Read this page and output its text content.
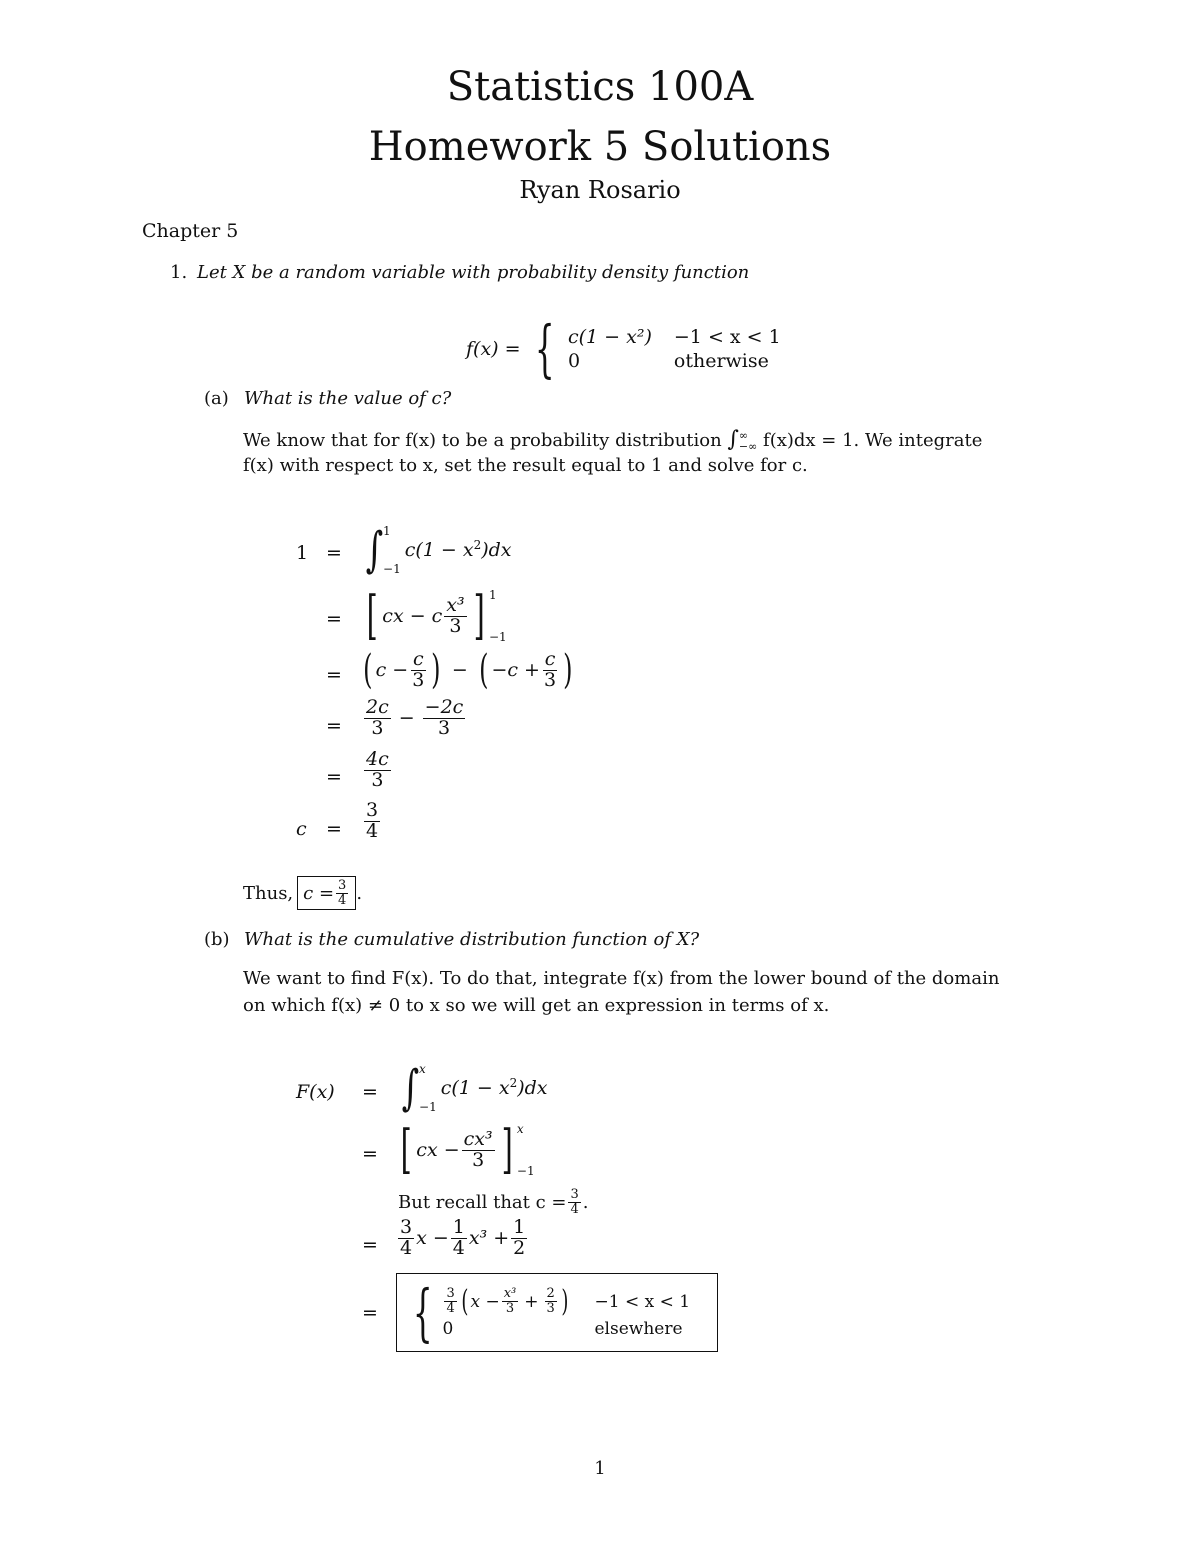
Statistics 100A
Homework 5 Solutions
Ryan Rosario
Chapter 5
1. Let X be a random variable with probability density function
f(x) = { c(1 − x²) −1 < x < 1
0	otherwise
(a) What is the value of c?
We know that for f(x) to be a probability distribution ∫ ∞
−∞ f(x)dx = 1. We integrate
f(x) with respect to x, set the result equal to 1 and solve for c.
1 = ∫ 1
−1
$c(1 - x^2$ )dx
= [ cx − c $\frac{\text{x³}}{3}$ ] 1
−1
= ( $c - \frac{c}{3}$ ) − ( $-c + \frac{c}{3}$ )
= $\frac{2c}{3} - \frac{-2c}{3}$
= $\frac{4c}{3}$
$c = \frac{3}{4}$
Thus, $c = \frac{3}{4}$ .
(b) What is the cumulative distribution function of X?
We want to find F(x). To do that, integrate f(x) from the lower bound of the domain
on which f(x) ≠ 0 to x so we will get an expression in terms of x.
F(x) = ∫ x
−1
$c(1 - x^2$ )dx
= [ cx − $\frac{\text{cx³}}{3}$ ] x
−1
But recall that $c = \frac{3}{4}$ .
= $\frac{3}{4}$ $x - \frac{1}{4} x^3 + \frac{1}{2}$
= { $\frac{3}{4}$ ( $x - \frac{\text{x³}}{3} + \frac{2}{3}$ ) −1 < x < 1
0	elsewhere
1
